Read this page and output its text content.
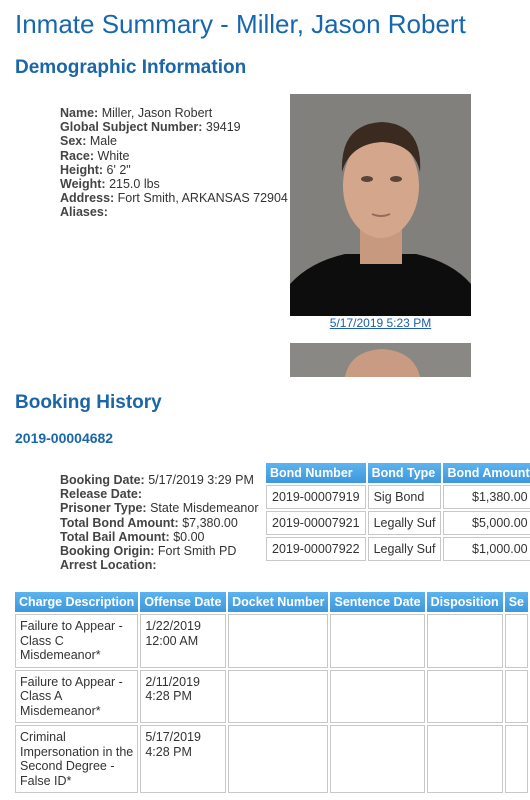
Inmate Summary - Miller, Jason Robert
Demographic Information
Name: Miller, Jason Robert
Global Subject Number: 39419
Sex: Male
Race: White
Height: 6' 2"
Weight: 215.0 lbs
Address: Fort Smith, ARKANSAS 72904
Aliases:
5/17/2019 5:23 PM
Booking History
2019-00004682
Booking Date: 5/17/2019 3:29 PM
Release Date:
Prisoner Type: State Misdemeanor
Total Bond Amount: $7,380.00
Total Bail Amount: $0.00
Booking Origin: Fort Smith PD
Arrest Location:
Bond Number	Bond Type	Bond Amount
2019-00007919	Sig Bond	$1,380.00
2019-00007921	Legally Suf	$5,000.00
2019-00007922	Legally Suf	$1,000.00
Charge Description	Offense Date	Docket Number	Sentence Date	Disposition	Se
Failure to Appear - Class C Misdemeanor*	1/22/2019 12:00 AM				
Failure to Appear - Class A Misdemeanor*	2/11/2019 4:28 PM				
Criminal Impersonation in the Second Degree - False ID*	5/17/2019 4:28 PM				
